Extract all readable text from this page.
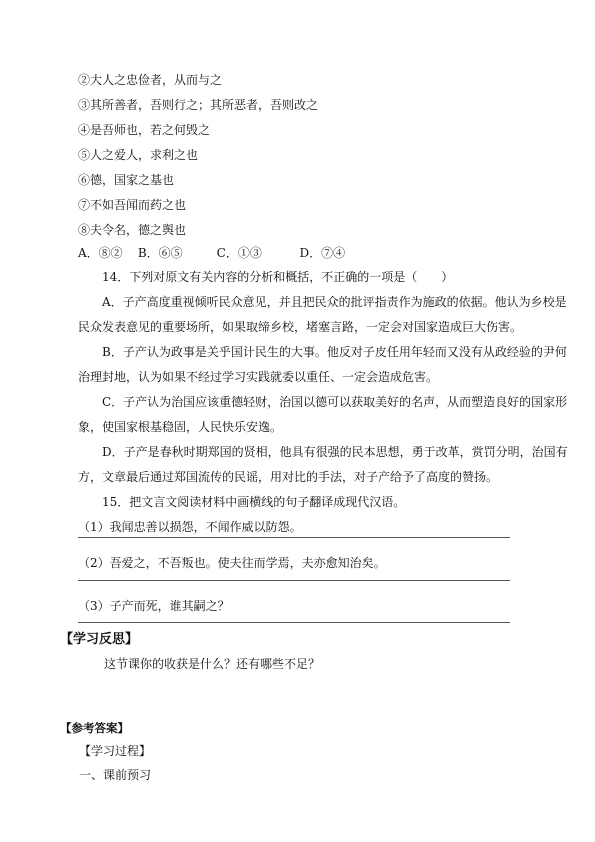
②大人之忠俭者，从而与之
③其所善者，吾则行之；其所恶者，吾则改之
④是吾师也，若之何毁之
⑤人之爱人，求利之也
⑥德，国家之基也
⑦不如吾闻而药之也
⑧夫令名，德之舆也
A．⑧② B．⑥⑤	C．①③	D．⑦④
14．下列对原文有关内容的分析和概括，不正确的一项是（　　）
A．子产高度重视倾听民众意见，并且把民众的批评指责作为施政的依据。他认为乡校是
民众发表意见的重要场所，如果取缔乡校，堵塞言路，一定会对国家造成巨大伤害。
B．子产认为政事是关乎国计民生的大事。他反对子皮任用年轻而又没有从政经验的尹何
治理封地，认为如果不经过学习实践就委以重任、一定会造成危害。
C．子产认为治国应该重德轻财，治国以德可以获取美好的名声，从而塑造良好的国家形
象，使国家根基稳固，人民快乐安逸。
D．子产是春秋时期郑国的贤相，他具有很强的民本思想，勇于改革，赏罚分明，治国有
方，文章最后通过郑国流传的民谣，用对比的手法，对子产给予了高度的赞扬。
15．把文言文阅读材料中画横线的句子翻译成现代汉语。
（1）我闻忠善以损怨，不闻作威以防怨。
（2）吾爱之，不吾叛也。使夫往而学焉，夫亦愈知治矣。
（3）子产而死，谁其嗣之？
【学习反思】
这节课你的收获是什么？还有哪些不足？
【参考答案】
【学习过程】
一、课前预习
